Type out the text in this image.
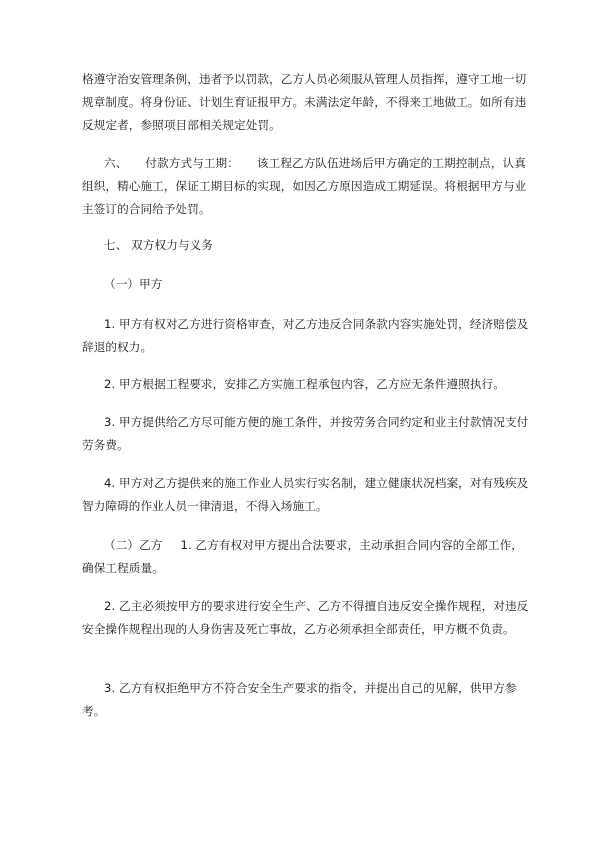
格遵守治安管理条例，违者予以罚款，乙方人员必须服从管理人员指挥，遵守工地一切规章制度。将身份证、计划生育证报甲方。未满法定年龄，不得来工地做工。如所有违反规定者，参照项目部相关规定处罚。

六、 付款方式与工期： 该工程乙方队伍进场后甲方确定的工期控制点，认真组织，精心施工，保证工期目标的实现，如因乙方原因造成工期延误。将根据甲方与业主签订的合同给予处罚。

七、 双方权力与义务

（一）甲方

1. 甲方有权对乙方进行资格审查，对乙方违反合同条款内容实施处罚，经济赔偿及辞退的权力。

2. 甲方根据工程要求，安排乙方实施工程承包内容，乙方应无条件遵照执行。

3. 甲方提供给乙方尽可能方便的施工条件，并按劳务合同约定和业主付款情况支付劳务费。

4. 甲方对乙方提供来的施工作业人员实行实名制，建立健康状况档案，对有残疾及智力障碍的作业人员一律清退，不得入场施工。

（二）乙方 1. 乙方有权对甲方提出合法要求，主动承担合同内容的全部工作，确保工程质量。

2. 乙主必须按甲方的要求进行安全生产、乙方不得擅自违反安全操作规程，对违反安全操作规程出现的人身伤害及死亡事故，乙方必须承担全部责任，甲方概不负责。

3. 乙方有权拒绝甲方不符合安全生产要求的指令，并提出自己的见解，供甲方参考。
